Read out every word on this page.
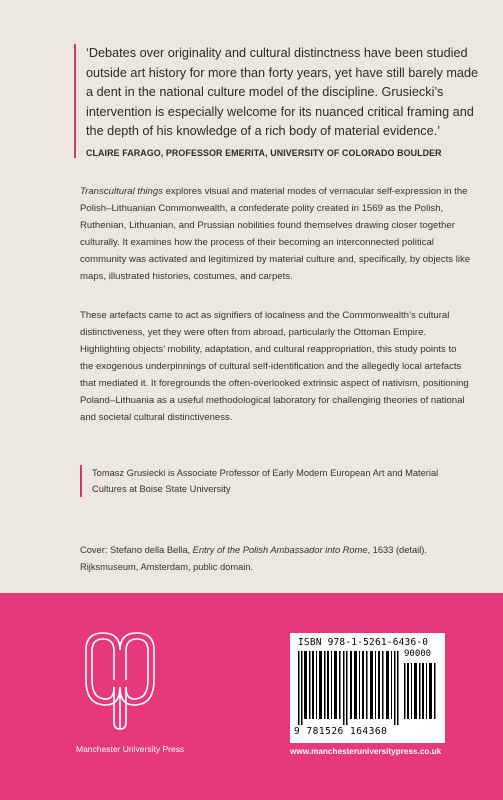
‘Debates over originality and cultural distinctness have been studied outside art history for more than forty years, yet have still barely made a dent in the national culture model of the discipline. Grusiecki’s intervention is especially welcome for its nuanced critical framing and the depth of his knowledge of a rich body of material evidence.’

CLAIRE FARAGO, PROFESSOR EMERITA, UNIVERSITY OF COLORADO BOULDER

Transcultural things explores visual and material modes of vernacular self-expression in the Polish–Lithuanian Commonwealth, a confederate polity created in 1569 as the Polish, Ruthenian, Lithuanian, and Prussian nobilities found themselves drawing closer together culturally. It examines how the process of their becoming an interconnected political community was activated and legitimized by material culture and, specifically, by objects like maps, illustrated histories, costumes, and carpets.

These artefacts came to act as signifiers of localness and the Commonwealth’s cultural distinctiveness, yet they were often from abroad, particularly the Ottoman Empire. Highlighting objects’ mobility, adaptation, and cultural reappropriation, this study points to the exogenous underpinnings of cultural self-identification and the allegedly local artefacts that mediated it. It foregrounds the often-overlooked extrinsic aspect of nativism, positioning Poland–Lithuania as a useful methodological laboratory for challenging theories of national and societal cultural distinctiveness.

Tomasz Grusiecki is Associate Professor of Early Modern European Art and Material Cultures at Boise State University

Cover: Stefano della Bella, Entry of the Polish Ambassador into Rome, 1633 (detail). Rijksmuseum, Amsterdam, public domain.

Manchester University Press
ISBN 978-1-5261-6436-0
90000
9 781526 164360
www.manchesteruniversitypress.co.uk
